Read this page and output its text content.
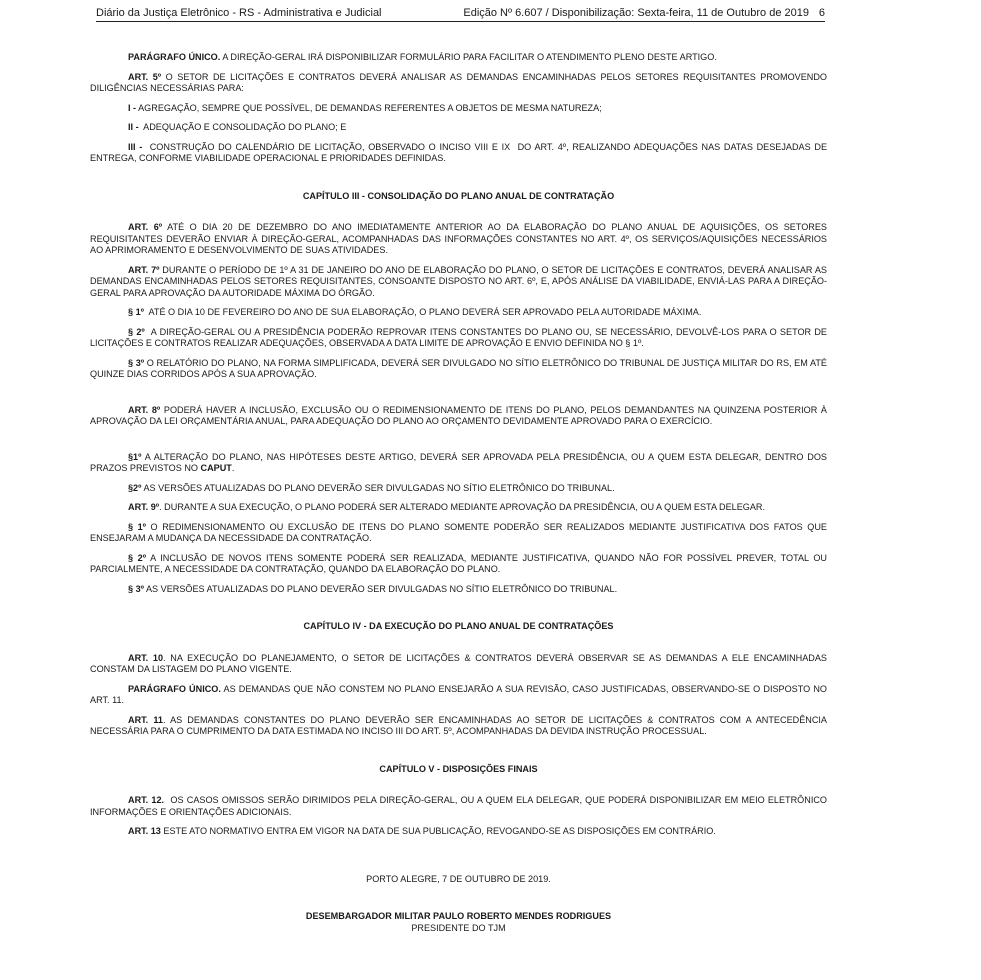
Diário da Justiça Eletrônico - RS - Administrativa e Judicial	Edição Nº 6.607 / Disponibilização: Sexta-feira, 11 de Outubro de 2019 6

PARÁGRAFO ÚNICO. A DIREÇÃO-GERAL IRÁ DISPONIBILIZAR FORMULÁRIO PARA FACILITAR O ATENDIMENTO PLENO DESTE ARTIGO.

ART. 5º O SETOR DE LICITAÇÕES E CONTRATOS DEVERÁ ANALISAR AS DEMANDAS ENCAMINHADAS PELOS SETORES REQUISITANTES PROMOVENDO DILIGÊNCIAS NECESSÁRIAS PARA:

I - AGREGAÇÃO, SEMPRE QUE POSSÍVEL, DE DEMANDAS REFERENTES A OBJETOS DE MESMA NATUREZA;

II -  ADEQUAÇÃO E CONSOLIDAÇÃO DO PLANO; E

III -  CONSTRUÇÃO DO CALENDÁRIO DE LICITAÇÃO, OBSERVADO O INCISO VIII E IX  DO ART. 4º, REALIZANDO ADEQUAÇÕES NAS DATAS DESEJADAS DE ENTREGA, CONFORME VIABILIDADE OPERACIONAL E PRIORIDADES DEFINIDAS.

CAPÍTULO III - CONSOLIDAÇÃO DO PLANO ANUAL DE CONTRATAÇÃO

ART. 6º ATÉ O DIA 20 DE DEZEMBRO DO ANO IMEDIATAMENTE ANTERIOR AO DA ELABORAÇÃO DO PLANO ANUAL DE AQUISIÇÕES, OS SETORES REQUISITANTES DEVERÃO ENVIAR À DIREÇÃO-GERAL, ACOMPANHADAS DAS INFORMAÇÕES CONSTANTES NO ART. 4º, OS SERVIÇOS/AQUISIÇÕES NECESSÁRIOS AO APRIMORAMENTO E DESENVOLVIMENTO DE SUAS ATIVIDADES.

ART. 7º DURANTE O PERÍODO DE 1º A 31 DE JANEIRO DO ANO DE ELABORAÇÃO DO PLANO, O SETOR DE LICITAÇÕES E CONTRATOS, DEVERÁ ANALISAR AS DEMANDAS ENCAMINHADAS PELOS SETORES REQUISITANTES, CONSOANTE DISPOSTO NO ART. 6º, E, APÓS ANÁLISE DA VIABILIDADE, ENVIÁ-LAS PARA A DIREÇÃO-GERAL PARA APROVAÇÃO DA AUTORIDADE MÁXIMA DO ÓRGÃO.

§ 1º  ATÉ O DIA 10 DE FEVEREIRO DO ANO DE SUA ELABORAÇÃO, O PLANO DEVERÁ SER APROVADO PELA AUTORIDADE MÁXIMA.

§ 2º  A DIREÇÃO-GERAL OU A PRESIDÊNCIA PODERÃO REPROVAR ITENS CONSTANTES DO PLANO OU, SE NECESSÁRIO, DEVOLVÊ-LOS PARA O SETOR DE LICITAÇÕES E CONTRATOS REALIZAR ADEQUAÇÕES, OBSERVADA A DATA LIMITE DE APROVAÇÃO E ENVIO DEFINIDA NO § 1º.

§ 3º O RELATÓRIO DO PLANO, NA FORMA SIMPLIFICADA, DEVERÁ SER DIVULGADO NO SÍTIO ELETRÔNICO DO TRIBUNAL DE JUSTIÇA MILITAR DO RS, EM ATÉ QUINZE DIAS CORRIDOS APÓS A SUA APROVAÇÃO.

ART. 8º PODERÁ HAVER A INCLUSÃO, EXCLUSÃO OU O REDIMENSIONAMENTO DE ITENS DO PLANO, PELOS DEMANDANTES NA QUINZENA POSTERIOR À APROVAÇÃO DA LEI ORÇAMENTÁRIA ANUAL, PARA ADEQUAÇÃO DO PLANO AO ORÇAMENTO DEVIDAMENTE APROVADO PARA O EXERCÍCIO.

§1º A ALTERAÇÃO DO PLANO, NAS HIPÓTESES DESTE ARTIGO, DEVERÁ SER APROVADA PELA PRESIDÊNCIA, OU A QUEM ESTA DELEGAR, DENTRO DOS PRAZOS PREVISTOS NO CAPUT.

§2º AS VERSÕES ATUALIZADAS DO PLANO DEVERÃO SER DIVULGADAS NO SÍTIO ELETRÔNICO DO TRIBUNAL.

ART. 9º. DURANTE A SUA EXECUÇÃO, O PLANO PODERÁ SER ALTERADO MEDIANTE APROVAÇÃO DA PRESIDÊNCIA, OU A QUEM ESTA DELEGAR.

§ 1º O REDIMENSIONAMENTO OU EXCLUSÃO DE ITENS DO PLANO SOMENTE PODERÃO SER REALIZADOS MEDIANTE JUSTIFICATIVA DOS FATOS QUE ENSEJARAM A MUDANÇA DA NECESSIDADE DA CONTRATAÇÃO.

§ 2º A INCLUSÃO DE NOVOS ITENS SOMENTE PODERÁ SER REALIZADA, MEDIANTE JUSTIFICATIVA, QUANDO NÃO FOR POSSÍVEL PREVER, TOTAL OU PARCIALMENTE, A NECESSIDADE DA CONTRATAÇÃO, QUANDO DA ELABORAÇÃO DO PLANO.

§ 3º AS VERSÕES ATUALIZADAS DO PLANO DEVERÃO SER DIVULGADAS NO SÍTIO ELETRÔNICO DO TRIBUNAL.

CAPÍTULO IV - DA EXECUÇÃO DO PLANO ANUAL DE CONTRATAÇÕES

ART. 10. NA EXECUÇÃO DO PLANEJAMENTO, O SETOR DE LICITAÇÕES & CONTRATOS DEVERÁ OBSERVAR SE AS DEMANDAS A ELE ENCAMINHADAS CONSTAM DA LISTAGEM DO PLANO VIGENTE.

PARÁGRAFO ÚNICO. AS DEMANDAS QUE NÃO CONSTEM NO PLANO ENSEJARÃO A SUA REVISÃO, CASO JUSTIFICADAS, OBSERVANDO-SE O DISPOSTO NO ART. 11.

ART. 11. AS DEMANDAS CONSTANTES DO PLANO DEVERÃO SER ENCAMINHADAS AO SETOR DE LICITAÇÕES & CONTRATOS COM A ANTECEDÊNCIA NECESSÁRIA PARA O CUMPRIMENTO DA DATA ESTIMADA NO INCISO III DO ART. 5º, ACOMPANHADAS DA DEVIDA INSTRUÇÃO PROCESSUAL.

CAPÍTULO V - DISPOSIÇÕES FINAIS

ART. 12.  OS CASOS OMISSOS SERÃO DIRIMIDOS PELA DIREÇÃO-GERAL, OU A QUEM ELA DELEGAR, QUE PODERÁ DISPONIBILIZAR EM MEIO ELETRÔNICO INFORMAÇÕES E ORIENTAÇÕES ADICIONAIS.

ART. 13 ESTE ATO NORMATIVO ENTRA EM VIGOR NA DATA DE SUA PUBLICAÇÃO, REVOGANDO-SE AS DISPOSIÇÕES EM CONTRÁRIO.

PORTO ALEGRE, 7 DE OUTUBRO DE 2019.

DESEMBARGADOR MILITAR PAULO ROBERTO MENDES RODRIGUES

PRESIDENTE DO TJM
